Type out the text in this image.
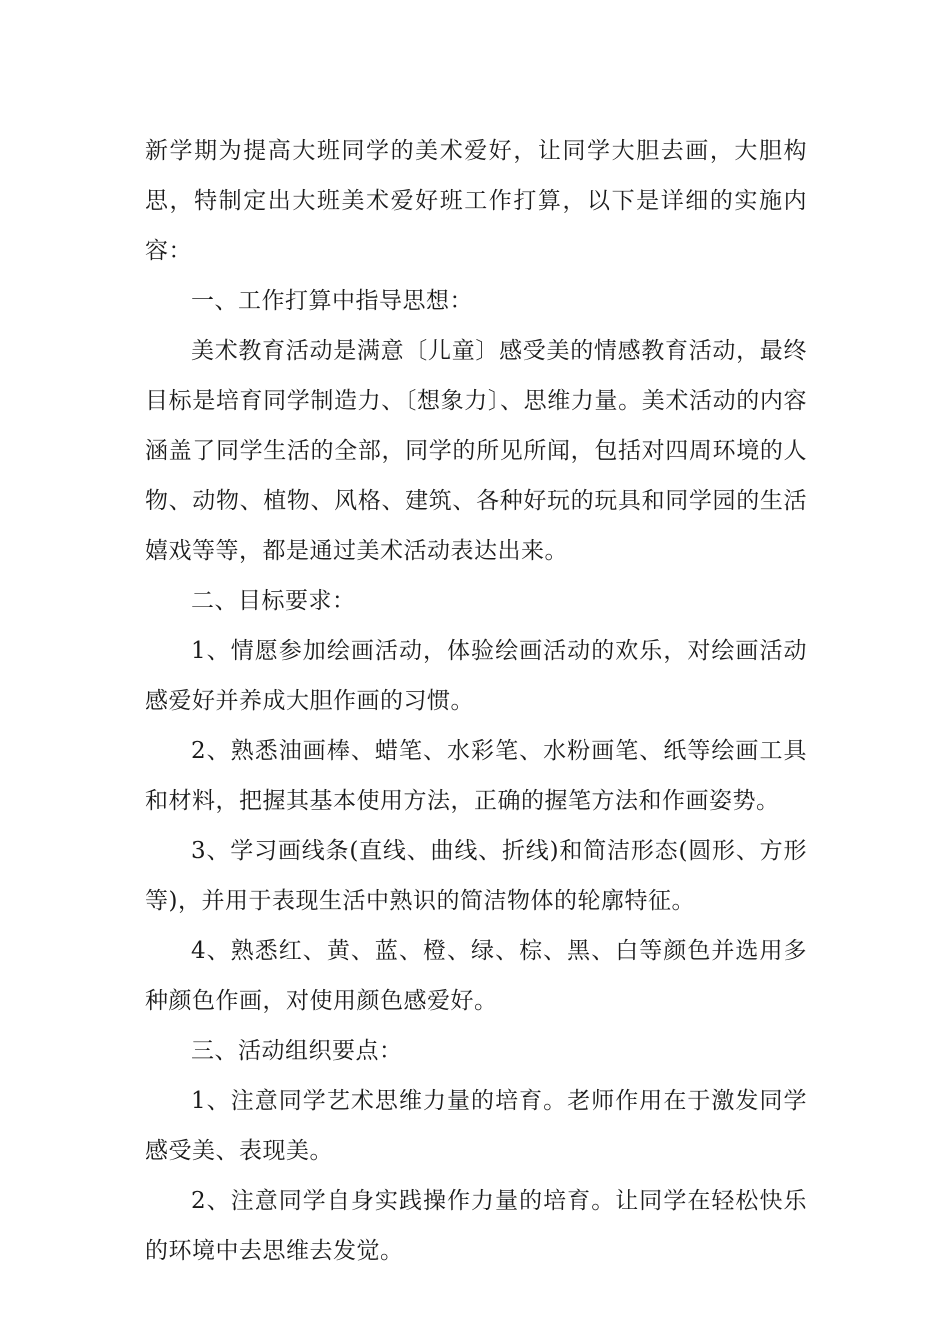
新学期为提高大班同学的美术爱好，让同学大胆去画，大胆构思，特制定出大班美术爱好班工作打算，以下是详细的实施内容：

一、工作打算中指导思想：

美术教育活动是满意〔儿童〕感受美的情感教育活动，最终目标是培育同学制造力、〔想象力〕、思维力量。美术活动的内容涵盖了同学生活的全部，同学的所见所闻，包括对四周环境的人物、动物、植物、风格、建筑、各种好玩的玩具和同学园的生活嬉戏等等，都是通过美术活动表达出来。

二、目标要求：

1、情愿参加绘画活动，体验绘画活动的欢乐，对绘画活动感爱好并养成大胆作画的习惯。

2、熟悉油画棒、蜡笔、水彩笔、水粉画笔、纸等绘画工具和材料，把握其基本使用方法，正确的握笔方法和作画姿势。

3、学习画线条(直线、曲线、折线)和简洁形态(圆形、方形等)，并用于表现生活中熟识的简洁物体的轮廓特征。

4、熟悉红、黄、蓝、橙、绿、棕、黑、白等颜色并选用多种颜色作画，对使用颜色感爱好。

三、活动组织要点：

1、注意同学艺术思维力量的培育。老师作用在于激发同学感受美、表现美。

2、注意同学自身实践操作力量的培育。让同学在轻松快乐的环境中去思维去发觉。
